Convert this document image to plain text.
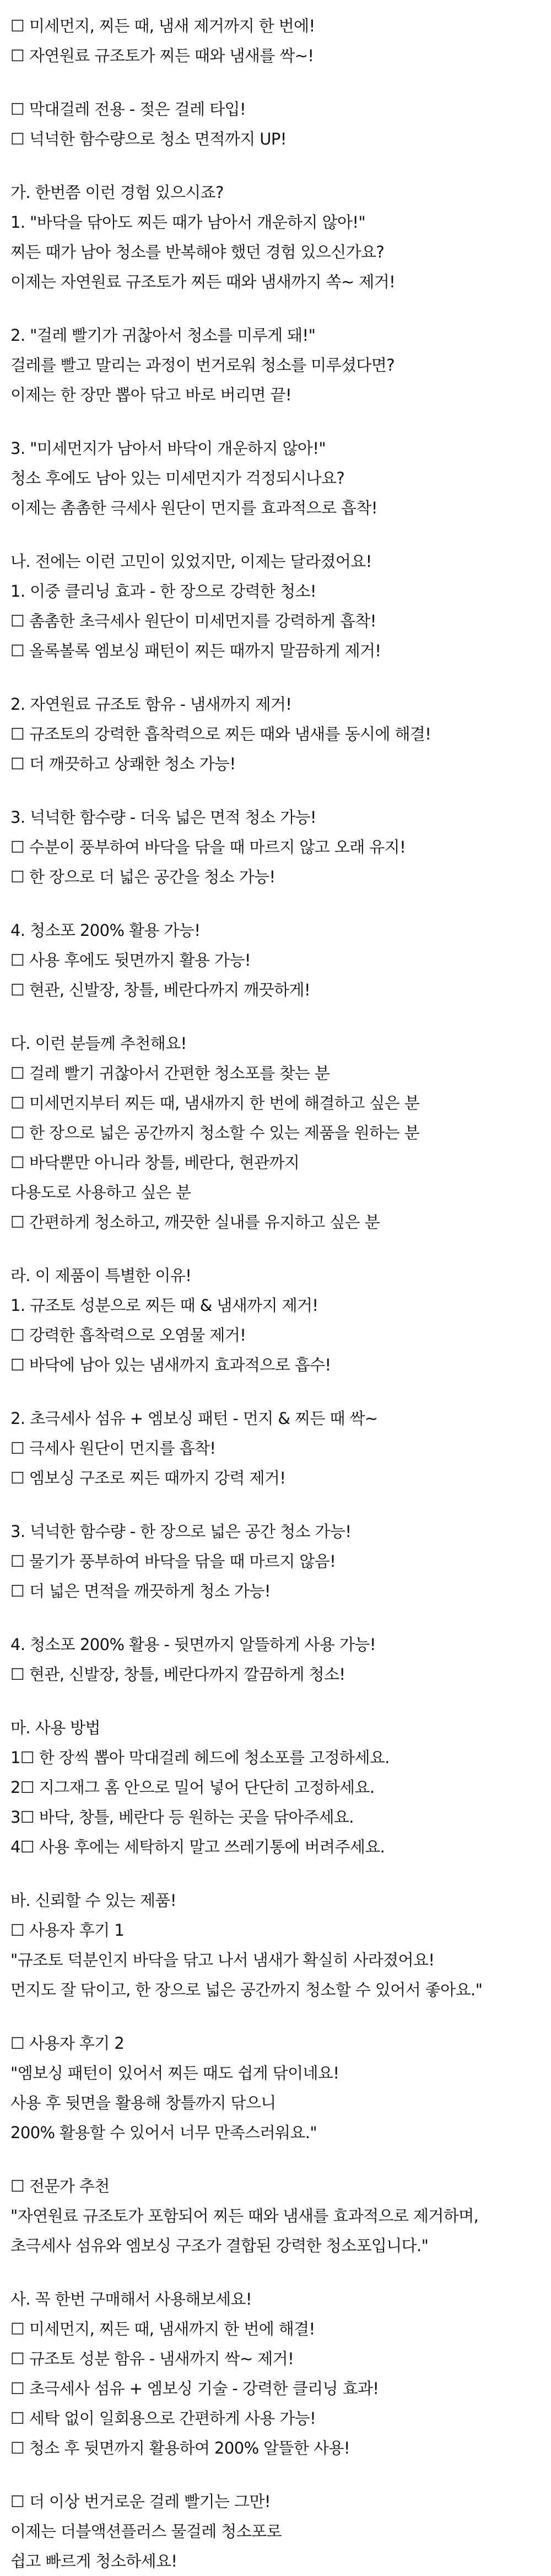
☐ 미세먼지, 찌든 때, 냄새 제거까지 한 번에!
☐ 자연원료 규조토가 찌든 때와 냄새를 싹~!
☐ 막대걸레 전용 - 젖은 걸레 타입!
☐ 넉넉한 함수량으로 청소 면적까지 UP!
가. 한번쯤 이런 경험 있으시죠?
1. "바닥을 닦아도 찌든 때가 남아서 개운하지 않아!"
찌든 때가 남아 청소를 반복해야 했던 경험 있으신가요?
이제는 자연원료 규조토가 찌든 때와 냄새까지 쏙~ 제거!
2. "걸레 빨기가 귀찮아서 청소를 미루게 돼!"
걸레를 빨고 말리는 과정이 번거로워 청소를 미루셨다면?
이제는 한 장만 뽑아 닦고 바로 버리면 끝!
3. "미세먼지가 남아서 바닥이 개운하지 않아!"
청소 후에도 남아 있는 미세먼지가 걱정되시나요?
이제는 촘촘한 극세사 원단이 먼지를 효과적으로 흡착!
나. 전에는 이런 고민이 있었지만, 이제는 달라졌어요!
1. 이중 클리닝 효과 - 한 장으로 강력한 청소!
☐ 촘촘한 초극세사 원단이 미세먼지를 강력하게 흡착!
☐ 올록볼록 엠보싱 패턴이 찌든 때까지 말끔하게 제거!
2. 자연원료 규조토 함유 - 냄새까지 제거!
☐ 규조토의 강력한 흡착력으로 찌든 때와 냄새를 동시에 해결!
☐ 더 깨끗하고 상쾌한 청소 가능!
3. 넉넉한 함수량 - 더욱 넓은 면적 청소 가능!
☐ 수분이 풍부하여 바닥을 닦을 때 마르지 않고 오래 유지!
☐ 한 장으로 더 넓은 공간을 청소 가능!
4. 청소포 200% 활용 가능!
☐ 사용 후에도 뒷면까지 활용 가능!
☐ 현관, 신발장, 창틀, 베란다까지 깨끗하게!
다. 이런 분들께 추천해요!
☐ 걸레 빨기 귀찮아서 간편한 청소포를 찾는 분
☐ 미세먼지부터 찌든 때, 냄새까지 한 번에 해결하고 싶은 분
☐ 한 장으로 넓은 공간까지 청소할 수 있는 제품을 원하는 분
☐ 바닥뿐만 아니라 창틀, 베란다, 현관까지
다용도로 사용하고 싶은 분
☐ 간편하게 청소하고, 깨끗한 실내를 유지하고 싶은 분
라. 이 제품이 특별한 이유!
1. 규조토 성분으로 찌든 때 & 냄새까지 제거!
☐ 강력한 흡착력으로 오염물 제거!
☐ 바닥에 남아 있는 냄새까지 효과적으로 흡수!
2. 초극세사 섬유 + 엠보싱 패턴 - 먼지 & 찌든 때 싹~
☐ 극세사 원단이 먼지를 흡착!
☐ 엠보싱 구조로 찌든 때까지 강력 제거!
3. 넉넉한 함수량 - 한 장으로 넓은 공간 청소 가능!
☐ 물기가 풍부하여 바닥을 닦을 때 마르지 않음!
☐ 더 넓은 면적을 깨끗하게 청소 가능!
4. 청소포 200% 활용 - 뒷면까지 알뜰하게 사용 가능!
☐ 현관, 신발장, 창틀, 베란다까지 깔끔하게 청소!
마. 사용 방법
1☐ 한 장씩 뽑아 막대걸레 헤드에 청소포를 고정하세요.
2☐ 지그재그 홈 안으로 밀어 넣어 단단히 고정하세요.
3☐ 바닥, 창틀, 베란다 등 원하는 곳을 닦아주세요.
4☐ 사용 후에는 세탁하지 말고 쓰레기통에 버려주세요.
바. 신뢰할 수 있는 제품!
☐ 사용자 후기 1
"규조토 덕분인지 바닥을 닦고 나서 냄새가 확실히 사라졌어요!
먼지도 잘 닦이고, 한 장으로 넓은 공간까지 청소할 수 있어서 좋아요."
☐ 사용자 후기 2
"엠보싱 패턴이 있어서 찌든 때도 쉽게 닦이네요!
사용 후 뒷면을 활용해 창틀까지 닦으니
200% 활용할 수 있어서 너무 만족스러워요."
☐ 전문가 추천
"자연원료 규조토가 포함되어 찌든 때와 냄새를 효과적으로 제거하며,
초극세사 섬유와 엠보싱 구조가 결합된 강력한 청소포입니다."
사. 꼭 한번 구매해서 사용해보세요!
☐ 미세먼지, 찌든 때, 냄새까지 한 번에 해결!
☐ 규조토 성분 함유 - 냄새까지 싹~ 제거!
☐ 초극세사 섬유 + 엠보싱 기술 - 강력한 클리닝 효과!
☐ 세탁 없이 일회용으로 간편하게 사용 가능!
☐ 청소 후 뒷면까지 활용하여 200% 알뜰한 사용!
☐ 더 이상 번거로운 걸레 빨기는 그만!
이제는 더블액션플러스 물걸레 청소포로
쉽고 빠르게 청소하세요!
